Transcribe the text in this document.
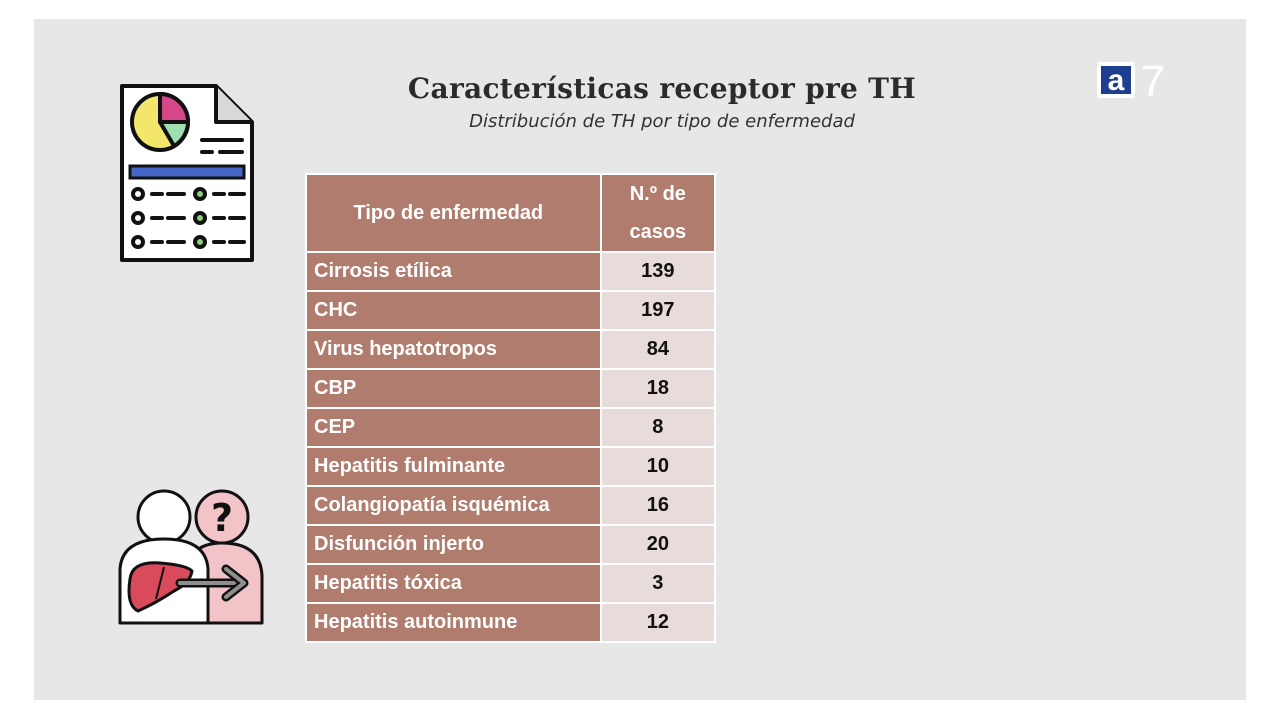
Características receptor pre TH

Distribución de TH por tipo de enfermedad

a 7
Tipo de enfermedad	N.º de
casos
Cirrosis etílica	139
CHC	197
Virus hepatotropos	84
CBP	18
CEP	8
Hepatitis fulminante	10
Colangiopatía isquémica	16
Disfunción injerto	20
Hepatitis tóxica	3
Hepatitis autoinmune	12
?
